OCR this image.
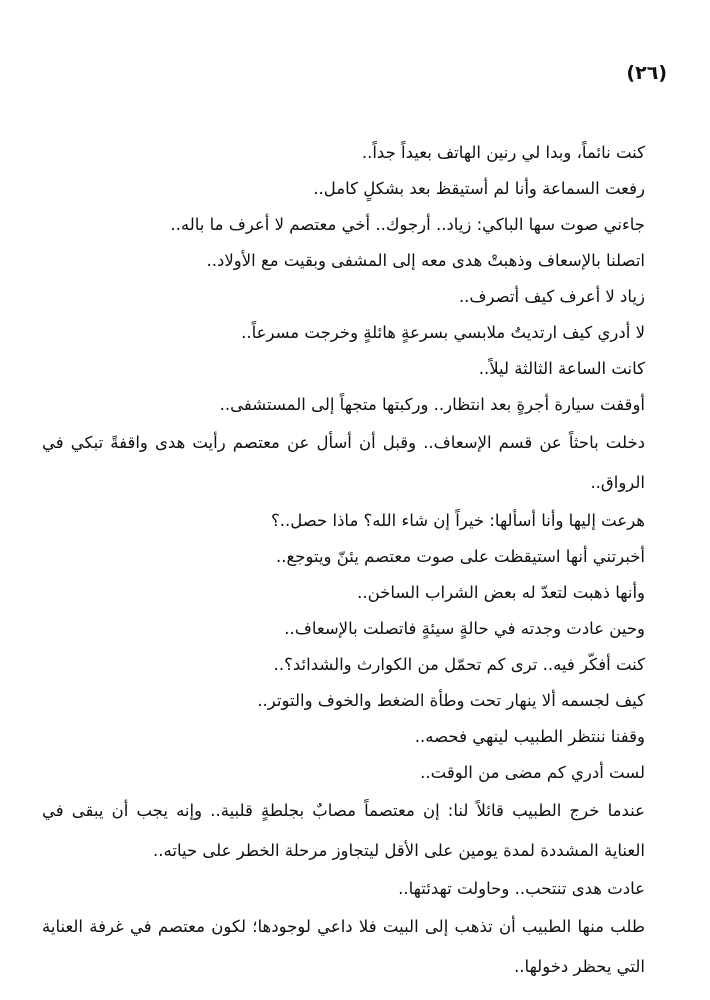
(٢٦)

كنت نائماً، وبدا لي رنين الهاتف بعيداً جداً..

رفعت السماعة وأنا لم أستيقظ بعد بشكلٍ كامل..

جاءني صوت سها الباكي: زياد.. أرجوك.. أخي معتصم لا أعرف ما باله..

اتصلنا بالإسعاف وذهبتْ هدى معه إلى المشفى وبقيت مع الأولاد..

زياد لا أعرف كيف أتصرف..

لا أدري كيف ارتديتُ ملابسي بسرعةٍ هائلةٍ وخرجت مسرعاً..

كانت الساعة الثالثة ليلاً..

أوقفت سيارة أجرةٍ بعد انتظار.. وركبتها متجهاً إلى المستشفى..

دخلت باحثاً عن قسم الإسعاف.. وقبل أن أسأل عن معتصم رأيت هدى واقفةً تبكي في الرواق..

هرعت إليها وأنا أسألها: خيراً إن شاء الله؟ ماذا حصل..؟

أخبرتني أنها استيقظت على صوت معتصم يئنّ ويتوجع..

وأنها ذهبت لتعدّ له بعض الشراب الساخن..

وحين عادت وجدته في حالةٍ سيئةٍ فاتصلت بالإسعاف..

كنت أفكّر فيه.. ترى كم تحمّل من الكوارث والشدائد؟..

كيف لجسمه ألا ينهار تحت وطأة الضغط والخوف والتوتر..

وقفنا ننتظر الطبيب لينهي فحصه..

لست أدري كم مضى من الوقت..

عندما خرج الطبيب قائلاً لنا: إن معتصماً مصابٌ بجلطةٍ قلبية.. وإنه يجب أن يبقى في العناية المشددة لمدة يومين على الأقل ليتجاوز مرحلة الخطر على حياته..

عادت هدى تنتحب.. وحاولت تهدئتها..

طلب منها الطبيب أن تذهب إلى البيت فلا داعي لوجودها؛ لكون معتصم في غرفة العناية التي يحظر دخولها..
